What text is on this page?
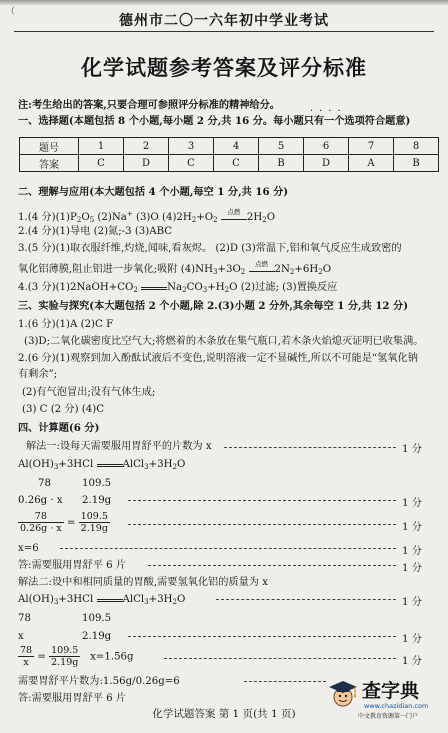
（
德州市二〇一六年初中学业考试
化学试题参考答案及评分标准
注:考生给出的答案,只要合理可参照评分标准的精神给分。
一、选择题(本题包括 8 个小题,每小题 2 分,共 16 分。每小题只有一个选项符合题意)
····
题号	1	2	3	4	5	6	7	8
答案	C	D	C	C	B	D	A	B
二、理解与应用(本大题包括 4 个小题,每空 1 分,共 16 分)
1.(4 分)$(1)P_2O_5$ (2)Na+ (3)O $(4)2H_2+O_2$
点燃 $2H_2O$
2.(4 分)(1)导电 (2)氮;-3 (3)ABC
3.(5 分)(1)取衣服纤维,灼烧,闻味,看灰烬。 (2)D (3)常温下,铝和氧气反应生成致密的
氧化铝薄膜,阻止铝进一步氧化;吸附 $(4)NH_3+3O_2$
点燃 $2N_2+6H_2O$
4.(3 分)$(1)2NaOH+CO_2$	$Na_2CO_3+H_2O$ (2)过滤; (3)置换反应
三、实验与探究(本大题包括 2 个小题,除 2.(3)小题 2 分外,其余每空 1 分,共 12 分)
1.(6 分)(1)A (2)C F
(3)D;二氧化碳密度比空气大;将燃着的木条放在集气瓶口,若木条火焰熄灭证明已收集满。
2.(6 分)(1)观察到加入酚酞试液后不变色,说明溶液一定不显碱性,所以不可能是“氢氧化钠
有剩余”;
(2)有气泡冒出;没有气体生成;
(3) C (2 分) (4)C
四、计算题(6 分)
解法一:设每天需要服用胃舒平的片数为 x	1 分
$Al(OH)_3+3HCl$	$AlCl_3+3H_2O$
78	109.5
0.26g · x 2.19g	1 分
$\frac{78}{0.26g \cdot x} = \frac{109.5}{2.19g}$	1 分
x=6	1 分
答:需要服用胃舒平 6 片	1 分
解法二:设中和相同质量的胃酸,需要氢氧化铝的质量为 x
$Al(OH)_3+3HCl$	$AlCl_3+3H_2O$	1 分
78	109.5
x	2.19g	1 分
$\frac{78}{x} = \frac{109.5}{2.19g} x=1.56g$	1 分
需要胃舒平片数为:1.56g/0.26g=6
答:需要服用胃舒平 6 片
化学试题答案 第 1 页(共 1 页)
查字典
www.chazidian.com
中文教育资源第一门户
